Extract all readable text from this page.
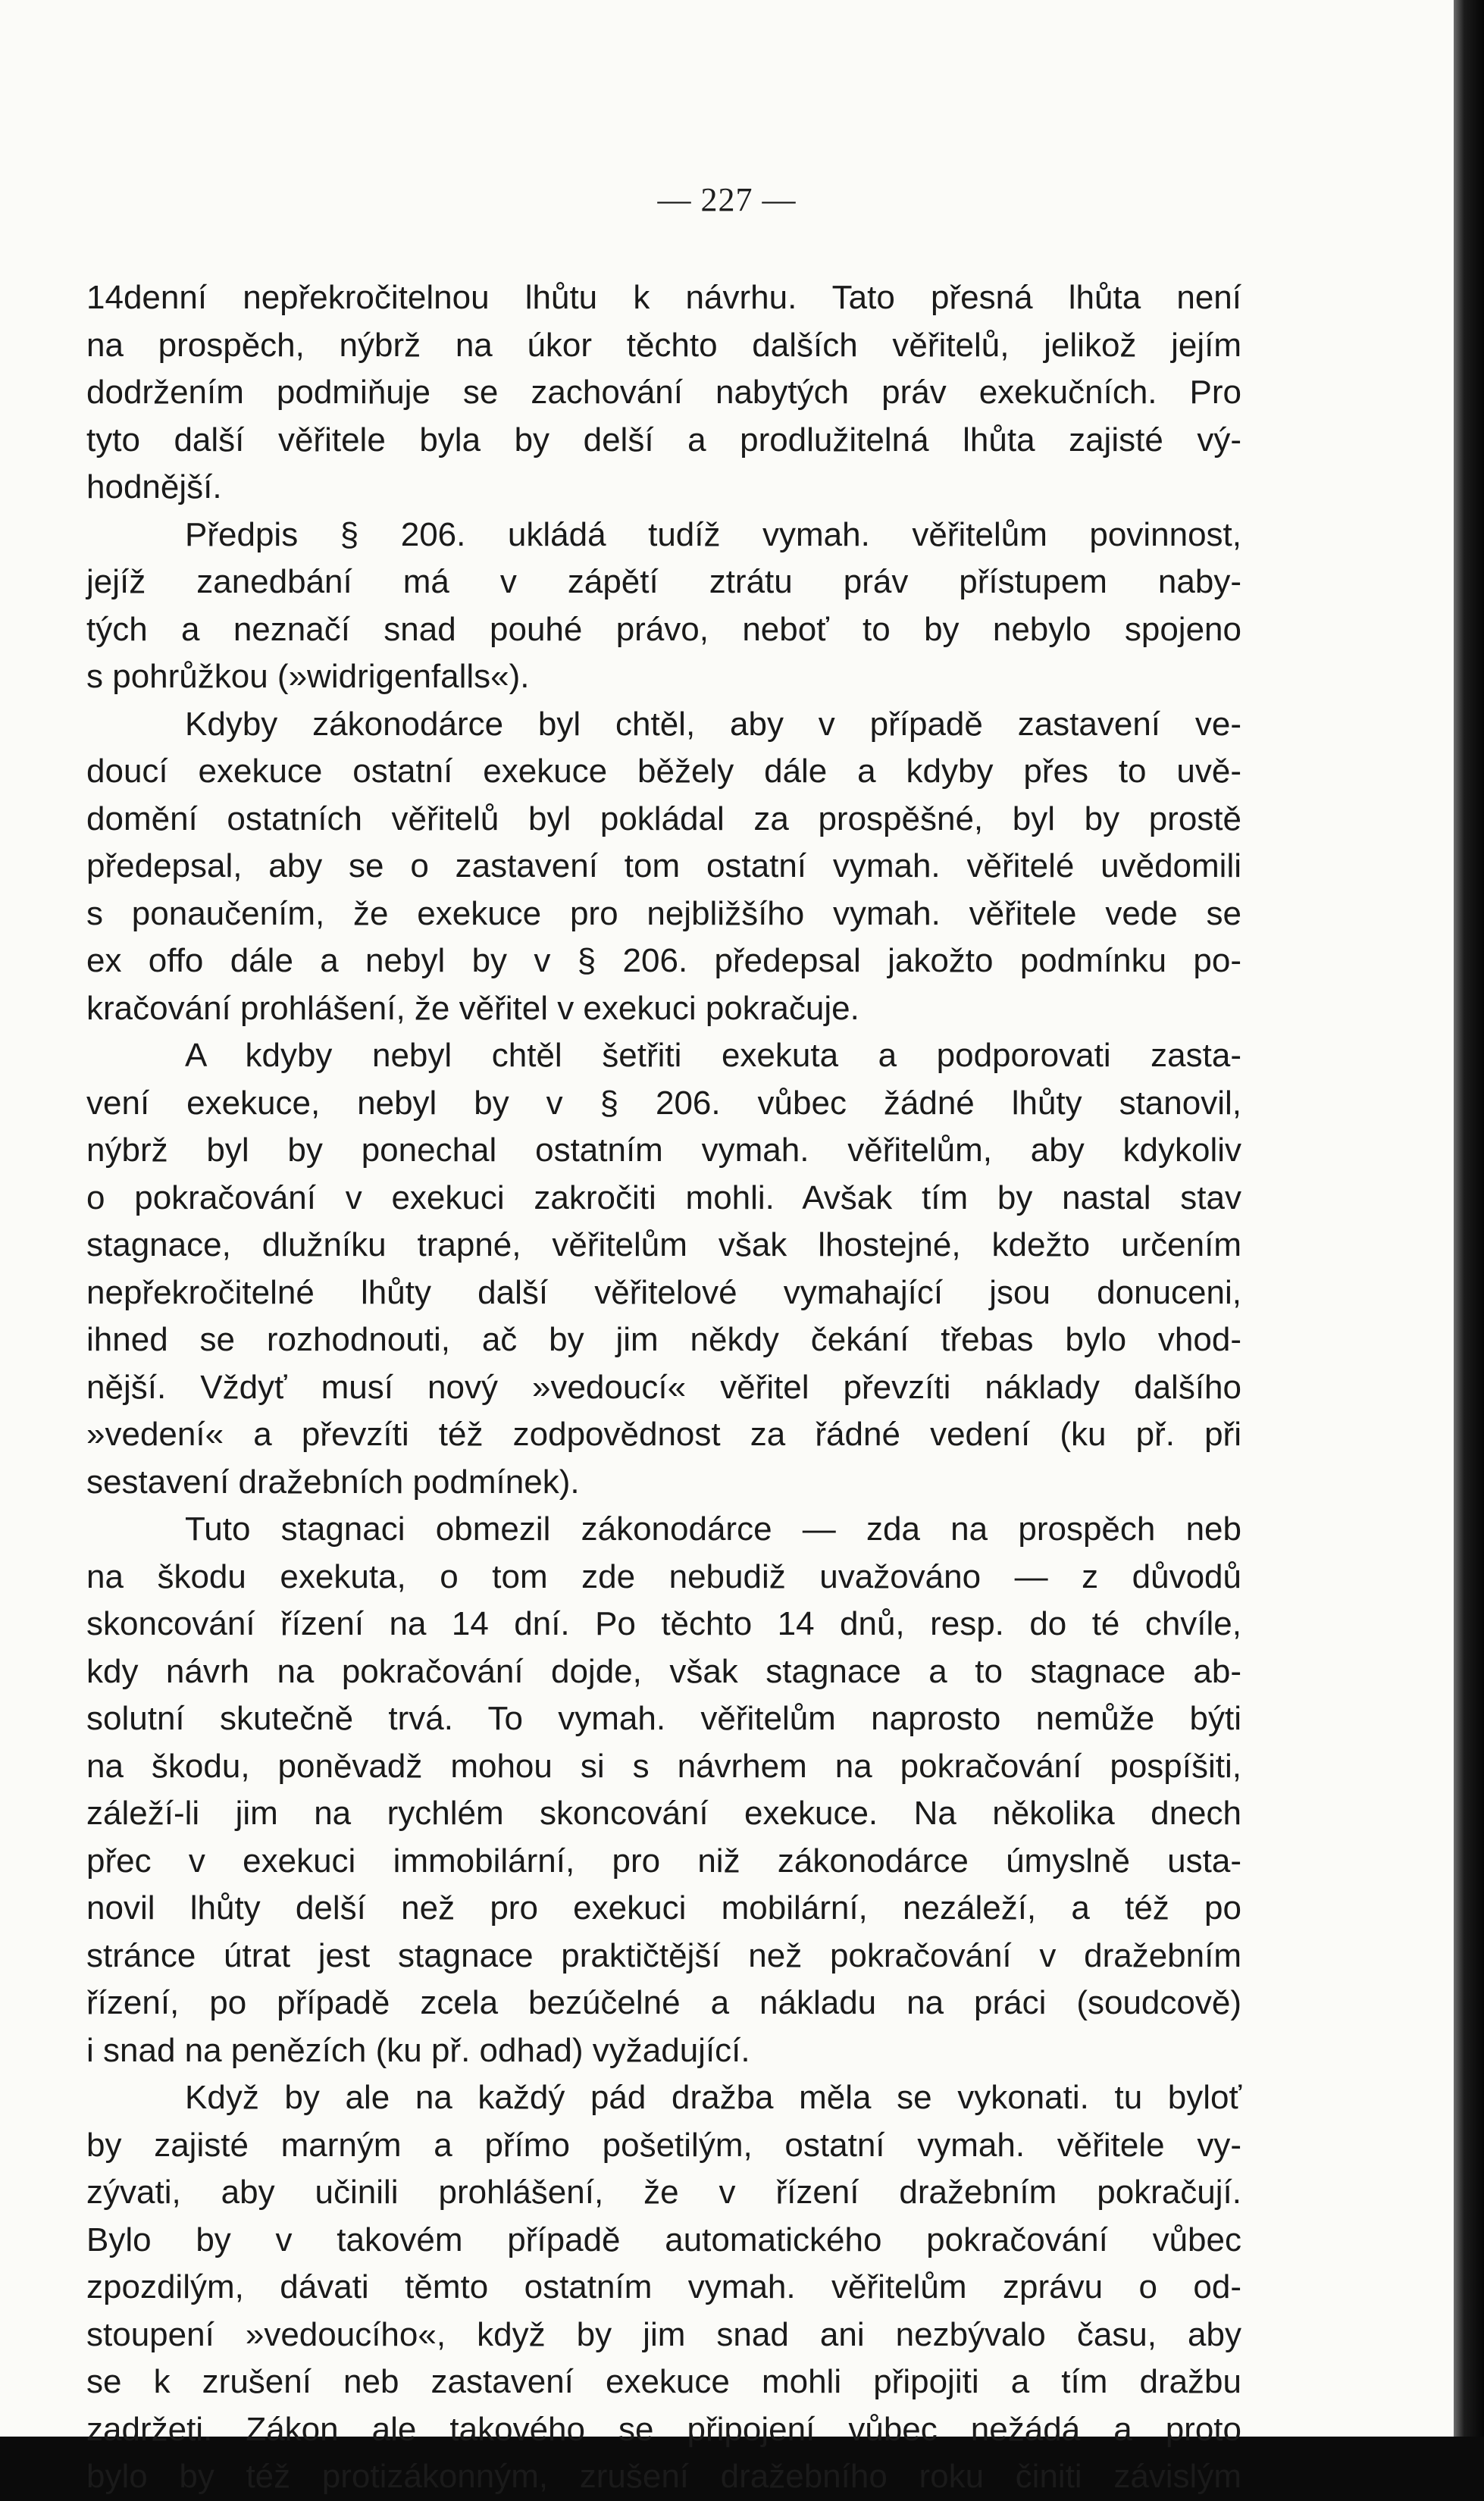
— 227 —
14denní nepřekročitelnou lhůtu k návrhu. Tato přesná lhůta není
na prospěch, nýbrž na úkor těchto dalších věřitelů, jelikož jejím
dodržením podmiňuje se zachování nabytých práv exekučních. Pro
tyto další věřitele byla by delší a prodlužitelná lhůta zajisté vý-
hodnější.
Předpis § 206. ukládá tudíž vymah. věřitelům povinnost,
jejíž zanedbání má v zápětí ztrátu práv přístupem naby-
tých a neznačí snad pouhé právo, neboť to by nebylo spojeno
s pohrůžkou (»widrigenfalls«).
Kdyby zákonodárce byl chtěl, aby v případě zastavení ve-
doucí exekuce ostatní exekuce běžely dále a kdyby přes to uvě-
domění ostatních věřitelů byl pokládal za prospěšné, byl by prostě
předepsal, aby se o zastavení tom ostatní vymah. věřitelé uvědomili
s ponaučením, že exekuce pro nejbližšího vymah. věřitele vede se
ex offo dále a nebyl by v § 206. předepsal jakožto podmínku po-
kračování prohlášení, že věřitel v exekuci pokračuje.
A kdyby nebyl chtěl šetřiti exekuta a podporovati zasta-
vení exekuce, nebyl by v § 206. vůbec žádné lhůty stanovil,
nýbrž byl by ponechal ostatním vymah. věřitelům, aby kdykoliv
o pokračování v exekuci zakročiti mohli. Avšak tím by nastal stav
stagnace, dlužníku trapné, věřitelům však lhostejné, kdežto určením
nepřekročitelné lhůty další věřitelové vymahající jsou donuceni,
ihned se rozhodnouti, ač by jim někdy čekání třebas bylo vhod-
nější. Vždyť musí nový »vedoucí« věřitel převzíti náklady dalšího
»vedení« a převzíti též zodpovědnost za řádné vedení (ku př. při
sestavení dražebních podmínek).
Tuto stagnaci obmezil zákonodárce — zda na prospěch neb
na škodu exekuta, o tom zde nebudiž uvažováno — z důvodů
skoncování řízení na 14 dní. Po těchto 14 dnů, resp. do té chvíle,
kdy návrh na pokračování dojde, však stagnace a to stagnace ab-
solutní skutečně trvá. To vymah. věřitelům naprosto nemůže býti
na škodu, poněvadž mohou si s návrhem na pokračování pospíšiti,
záleží-li jim na rychlém skoncování exekuce. Na několika dnech
přec v exekuci immobilární, pro niž zákonodárce úmyslně usta-
novil lhůty delší než pro exekuci mobilární, nezáleží, a též po
stránce útrat jest stagnace praktičtější než pokračování v dražebním
řízení, po případě zcela bezúčelné a nákladu na práci (soudcově)
i snad na penězích (ku př. odhad) vyžadující.
Když by ale na každý pád dražba měla se vykonati. tu byloť
by zajisté marným a přímo pošetilým, ostatní vymah. věřitele vy-
zývati, aby učinili prohlášení, že v řízení dražebním pokračují.
Bylo by v takovém případě automatického pokračování vůbec
zpozdilým, dávati těmto ostatním vymah. věřitelům zprávu o od-
stoupení »vedoucího«, když by jim snad ani nezbývalo času, aby
se k zrušení neb zastavení exekuce mohli připojiti a tím dražbu
zadržeti. Zákon ale takového se připojení vůbec nežádá a proto
bylo by též protizákonným, zrušení dražebního roku činiti závislým
